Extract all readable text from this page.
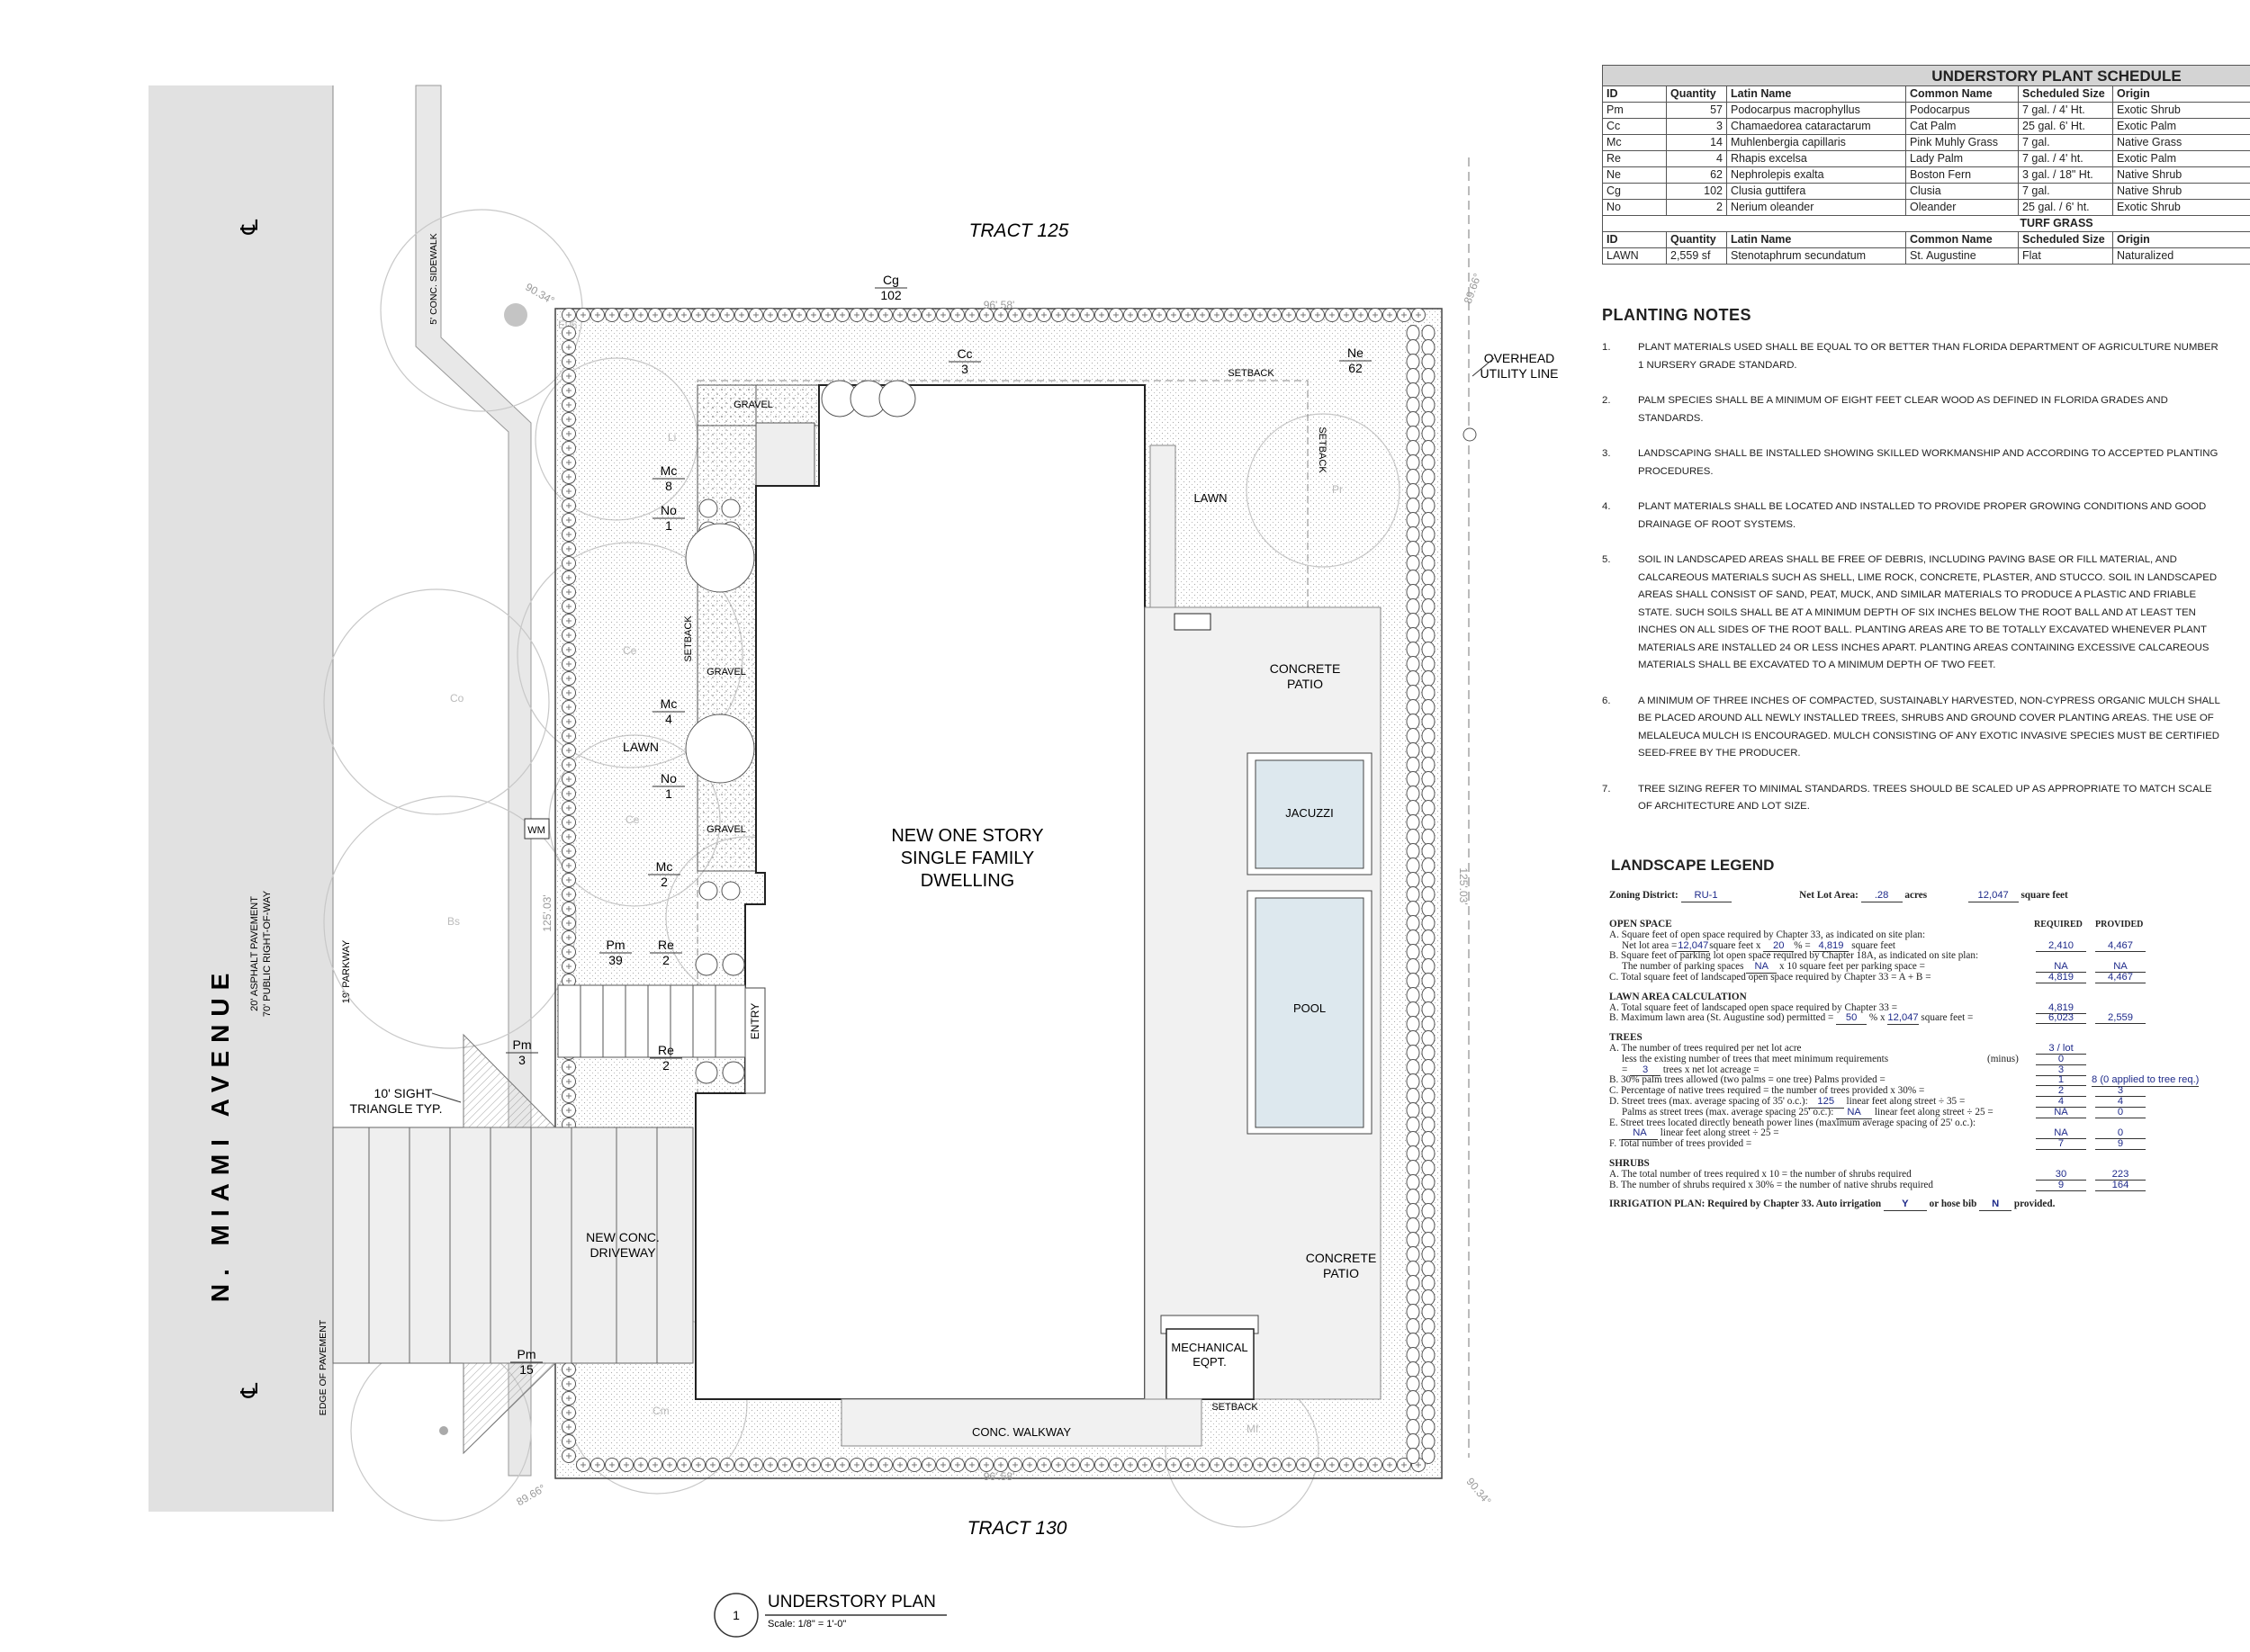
N. MIAMI AVENUE
20' ASPHALT PAVEMENT 70' PUBLIC RIGHT-OF-WAY	19' PARKWAY
EDGE OF PAVEMENT
℄
℄
5' CONC. SIDEWALK
Co
Bs
SETBACK
SETBACK
SETBACK
SETBACK
GRAVEL
GRAVEL
GRAVEL	NEW ONE STORY
SINGLE FAMILY
DWELLING
ENTRY
CONCRETE
PATIO
JACUZZI
POOL
CONCRETE
PATIO
MECHANICAL
EQPT.
LAWN
CONC. WALKWAY
NEW CONC.
DRIVEWAY
10' SIGHT
TRIANGLE TYP.
WM
LAWN
Cg
102
Cc
3
Ne
62
Mc
8
No
1
Mc
4
No
1
Mc
2
Pm
39
Re
2
Re
2
Pm
3
Pm
15
TRACT 125
TRACT 130
96'.58'
96'.58'
125'.03'
125'.03'
90.34°	89.66°
89.66°	90.34°
OVERHEAD
UTILITY LINE
1
UNDERSTORY PLAN
Scale: 1/8" = 1'-0"
UNDERSTORY PLANT SCHEDULE					
ID	Quantity	Latin Name	Common Name	Scheduled Size	Origin
Pm	57	Podocarpus macrophyllus	Podocarpus	7 gal. / 4' Ht.	Exotic Shrub
Cc	3	Chamaedorea cataractarum	Cat Palm	25 gal. 6' Ht.	Exotic Palm
Mc	14	Muhlenbergia capillaris	Pink Muhly Grass	7 gal.	Native Grass
Re	4	Rhapis excelsa	Lady Palm	7 gal. / 4' ht.	Exotic Palm
Ne	62	Nephrolepis exalta	Boston Fern	3 gal. / 18" Ht.	Native Shrub
Cg	102	Clusia guttifera	Clusia	7 gal.	Native Shrub
No	2	Nerium oleander	Oleander	25 gal. / 6' ht.	Exotic Shrub
TURF GRASS					
ID	Quantity	Latin Name	Common Name	Scheduled Size	Origin
LAWN	2,559 sf	Stenotaphrum secundatum	St. Augustine	Flat	Naturalized
PLANTING NOTES
1.	PLANT MATERIALS USED SHALL BE EQUAL TO OR BETTER THAN FLORIDA DEPARTMENT OF AGRICULTURE NUMBER 1 NURSERY GRADE STANDARD.
2.	PALM SPECIES SHALL BE A MINIMUM OF EIGHT FEET CLEAR WOOD AS DEFINED IN FLORIDA GRADES AND STANDARDS.
3.	LANDSCAPING SHALL BE INSTALLED SHOWING SKILLED WORKMANSHIP AND ACCORDING TO ACCEPTED PLANTING PROCEDURES.
4.	PLANT MATERIALS SHALL BE LOCATED AND INSTALLED TO PROVIDE PROPER GROWING CONDITIONS AND GOOD DRAINAGE OF ROOT SYSTEMS.
5.	SOIL IN LANDSCAPED AREAS SHALL BE FREE OF DEBRIS, INCLUDING PAVING BASE OR FILL MATERIAL, AND CALCAREOUS MATERIALS SUCH AS SHELL, LIME ROCK, CONCRETE, PLASTER, AND STUCCO. SOIL IN LANDSCAPED AREAS SHALL CONSIST OF SAND, PEAT, MUCK, AND SIMILAR MATERIALS TO PRODUCE A PLASTIC AND FRIABLE STATE. SUCH SOILS SHALL BE AT A MINIMUM DEPTH OF SIX INCHES BELOW THE ROOT BALL AND AT LEAST TEN INCHES ON ALL SIDES OF THE ROOT BALL. PLANTING AREAS ARE TO BE TOTALLY EXCAVATED WHENEVER PLANT MATERIALS ARE INSTALLED 24 OR LESS INCHES APART. PLANTING AREAS CONTAINING EXCESSIVE CALCAREOUS MATERIALS SHALL BE EXCAVATED TO A MINIMUM DEPTH OF TWO FEET.
6.	A MINIMUM OF THREE INCHES OF COMPACTED, SUSTAINABLY HARVESTED, NON-CYPRESS ORGANIC MULCH SHALL BE PLACED AROUND ALL NEWLY INSTALLED TREES, SHRUBS AND GROUND COVER PLANTING AREAS. THE USE OF MELALEUCA MULCH IS ENCOURAGED. MULCH CONSISTING OF ANY EXOTIC INVASIVE SPECIES MUST BE CERTIFIED SEED-FREE BY THE PRODUCER.
7.	TREE SIZING REFER TO MINIMAL STANDARDS. TREES SHOULD BE SCALED UP AS APPROPRIATE TO MATCH SCALE OF ARCHITECTURE AND LOT SIZE.
LANDSCAPE LEGEND
Zoning District: RU-1	Net Lot Area: .28 acres	12,047 square feet
OPEN SPACE	REQUIRED PROVIDED
A. Square feet of open space required by Chapter 33, as indicated on site plan:
Net lot area =12,047square feet x 20 % = 4,819 square feet	2,410	4,467
B. Square feet of parking lot open space required by Chapter 18A, as indicated on site plan:
The number of parking spaces NA x 10 square feet per parking space =	NA	NA
C. Total square feet of landscaped open space required by Chapter 33 = A + B =	4,819	4,467
LAWN AREA CALCULATION
A. Total square feet of landscaped open space required by Chapter 33 =	4,819
B. Maximum lawn area (St. Augustine sod) permitted = 50 % x 12,047 square feet =	6,023	2,559
TREES
A. The number of trees required per net lot acre	3 / lot
less the existing number of trees that meet minimum requirements	(minus)	0
= 3 trees x net lot acreage =	3
B. 30% palm trees allowed (two palms = one tree) Palms provided =	1	8 (0 applied to tree req.)
C. Percentage of native trees required = the number of trees provided x 30% =	2	3
D. Street trees (max. average spacing of 35' o.c.): 125 linear feet along street ÷ 35 =	4	4
Palms as street trees (max. average spacing 25' o.c.): NA linear feet along street ÷ 25 =	NA	0
E. Street trees located directly beneath power lines (maximum average spacing of 25' o.c.):
NA linear feet along street ÷ 25 =	NA	0
F. Total number of trees provided =	7	9
SHRUBS
A. The total number of trees required x 10 = the number of shrubs required	30	223
B. The number of shrubs required x 30% = the number of native shrubs required	9	164
IRRIGATION PLAN: Required by Chapter 33. Auto irrigation Y or hose bib N provided.
